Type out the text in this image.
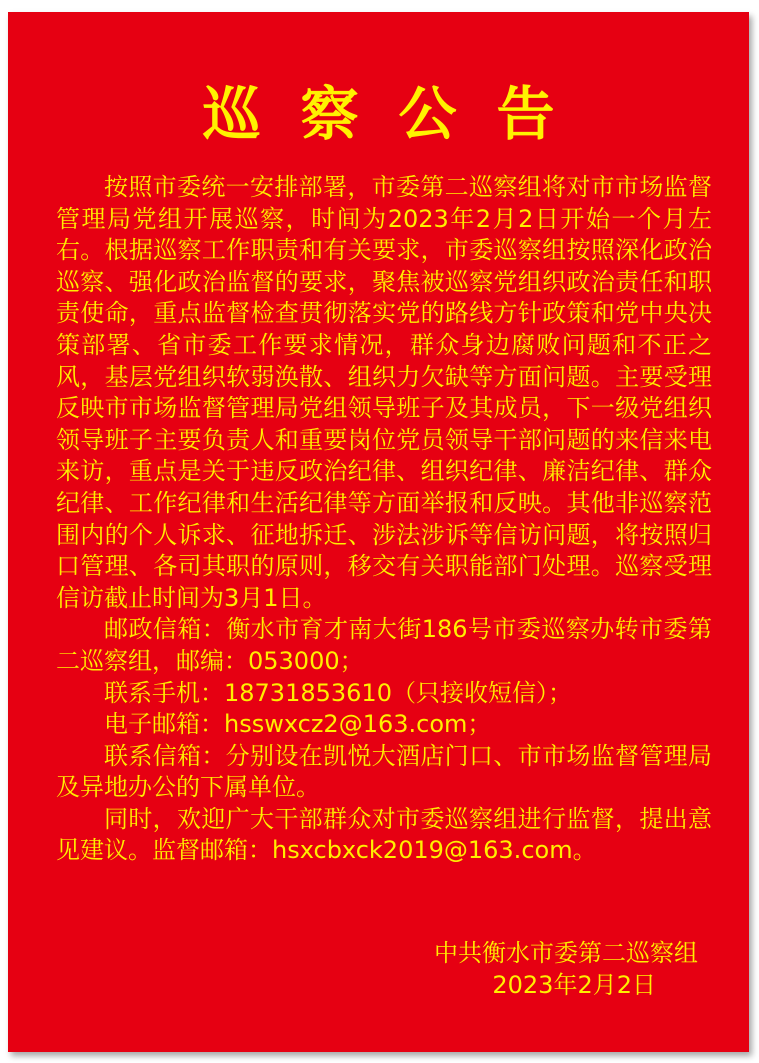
巡察公告

按照市委统一安排部署，市委第二巡察组将对市市场监督管理局党组开展巡察，时间为2023年2月2日开始一个月左右。根据巡察工作职责和有关要求，市委巡察组按照深化政治巡察、强化政治监督的要求，聚焦被巡察党组织政治责任和职责使命，重点监督检查贯彻落实党的路线方针政策和党中央决策部署、省市委工作要求情况，群众身边腐败问题和不正之风，基层党组织软弱涣散、组织力欠缺等方面问题。主要受理反映市市场监督管理局党组领导班子及其成员，下一级党组织领导班子主要负责人和重要岗位党员领导干部问题的来信来电来访，重点是关于违反政治纪律、组织纪律、廉洁纪律、群众纪律、工作纪律和生活纪律等方面举报和反映。其他非巡察范围内的个人诉求、征地拆迁、涉法涉诉等信访问题，将按照归口管理、各司其职的原则，移交有关职能部门处理。巡察受理信访截止时间为3月1日。

邮政信箱：衡水市育才南大街186号市委巡察办转市委第二巡察组，邮编：053000；

联系手机：18731853610（只接收短信）；

电子邮箱：hsswxcz2@163.com；

联系信箱：分别设在凯悦大酒店门口、市市场监督管理局及异地办公的下属单位。

同时，欢迎广大干部群众对市委巡察组进行监督，提出意见建议。监督邮箱：hsxcbxck2019@163.com。

中共衡水市委第二巡察组
2023年2月2日
